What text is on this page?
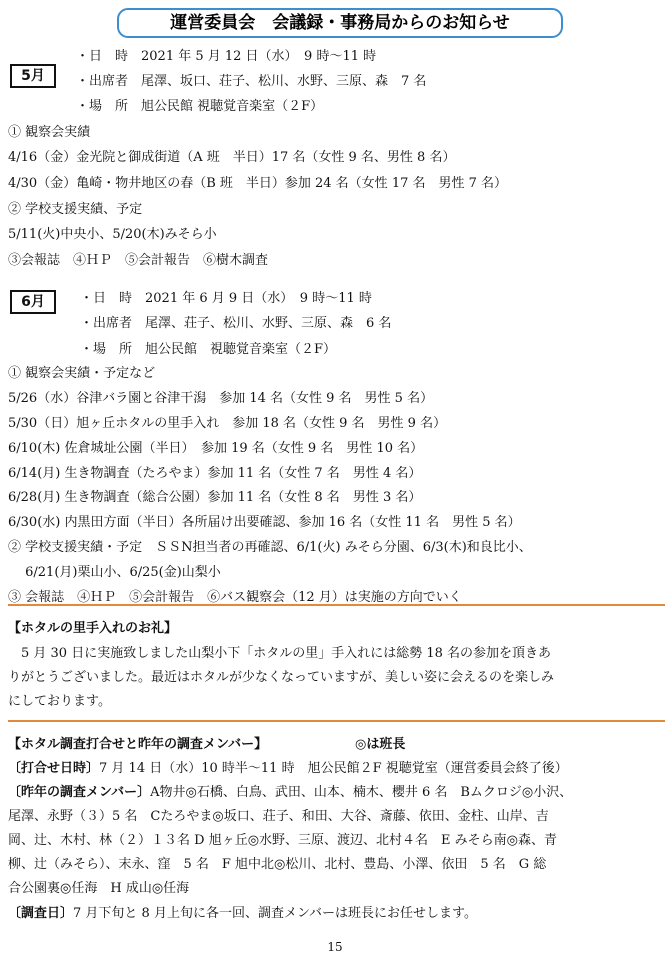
運営委員会　会議録・事務局からのお知らせ
5月
・日　時　2021 年 5 月 12 日（水）　9 時～11 時
・出席者　尾澤、坂口、荘子、松川、水野、三原、森　7 名
・場　所　旭公民館 視聴覚音楽室（２F）
① 観察会実績
4/16（金）金光院と御成街道（A 班　半日）17 名（女性 9 名、男性 8 名）
4/30（金）亀崎・物井地区の春（B 班　半日）参加 24 名（女性 17 名　男性 7 名）
② 学校支援実績、予定
5/11(火)中央小、5/20(木)みそら小
③会報誌　④ＨＰ　⑤会計報告　⑥樹木調査
6月	・日　時　2021 年 6 月 9 日（水）　9 時～11 時
・出席者　尾澤、荘子、松川、水野、三原、森　6 名
・場　所　旭公民館　視聴覚音楽室（２F）
① 観察会実績・予定など
5/26（水）谷津バラ園と谷津干潟　参加 14 名（女性 9 名　男性 5 名）
5/30（日）旭ヶ丘ホタルの里手入れ　参加 18 名（女性 9 名　男性 9 名）
6/10(木) 佐倉城址公園（半日）　参加 19 名（女性 9 名　男性 10 名）
6/14(月) 生き物調査（たろやま）参加 11 名（女性 7 名　男性 4 名）
6/28(月) 生き物調査（総合公園）参加 11 名（女性 8 名　男性 3 名）
6/30(水) 内黒田方面（半日）各所届け出要確認、参加 16 名（女性 11 名　男性 5 名）
② 学校支援実績・予定　ＳＳN担当者の再確認、6/1(火) みそら分園、6/3(木)和良比小、
　 6/21(月)栗山小、6/25(金)山梨小
③ 会報誌　④ＨＰ　⑤会計報告　⑥バス観察会（12 月）は実施の方向でいく
【ホタルの里手入れのお礼】
　5 月 30 日に実施致しました山梨小下「ホタルの里」手入れには総勢 18 名の参加を頂きあ
りがとうございました。最近はホタルが少なくなっていますが、美しい姿に会えるのを楽しみ
にしております。
【ホタル調査打合せと昨年の調査メンバー】	◎は班長
〔打合せ日時〕7 月 14 日（水）10 時半～11 時　旭公民館２F 視聴覚室（運営委員会終了後）
〔昨年の調査メンバー〕A物井◎石橋、白鳥、武田、山本、楠木、櫻井 6 名　Bムクロジ◎小沢、
尾澤、永野（３）5 名　Cたろやま◎坂口、荘子、和田、大谷、斎藤、依田、金柱、山岸、吉
岡、辻、木村、林（２）１３名 D 旭ヶ丘◎水野、三原、渡辺、北村４名　E みそら南◎森、青
柳、辻（みそら）、末永、窪　5 名　F 旭中北◎松川、北村、豊島、小澤、依田　5 名　G 総
合公園裏◎任海　H 成山◎任海
〔調査日〕7 月下旬と 8 月上旬に各一回、調査メンバーは班長にお任せします。
15
